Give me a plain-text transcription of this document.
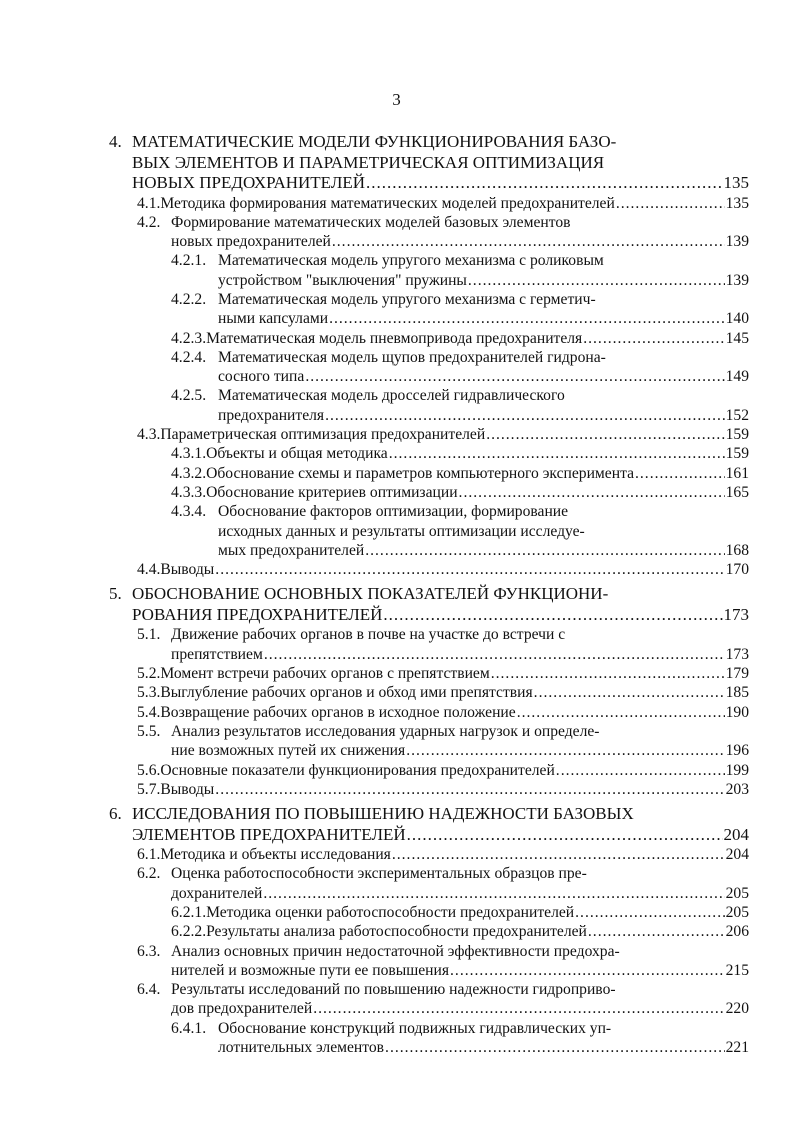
3
4. МАТЕМАТИЧЕСКИЕ МОДЕЛИ ФУНКЦИОНИРОВАНИЯ БАЗО-
ВЫХ ЭЛЕМЕНТОВ И ПАРАМЕТРИЧЕСКАЯ ОПТИМИЗАЦИЯ
НОВЫХ ПРЕДОХРАНИТЕЛЕЙ .....	135
4.1. Методика формирования математических моделей предохранителей .....	135
4.2. Формирование математических моделей базовых элементов
новых предохранителей .....	139
4.2.1. Математическая модель упругого механизма с роликовым
устройством "выключения" пружины .....	139
4.2.2. Математическая модель упругого механизма с герметич-
ными капсулами .....	140
4.2.3. Математическая модель пневмопривода предохранителя .....	145
4.2.4. Математическая модель щупов предохранителей гидрона-
сосного типа .....	149
4.2.5. Математическая модель дросселей гидравлического
предохранителя .....	152
4.3. Параметрическая оптимизация предохранителей .....	159
4.3.1. Объекты и общая методика .....	159
4.3.2. Обоснование схемы и параметров компьютерного эксперимента .....	161
4.3.3. Обоснование критериев оптимизации .....	165
4.3.4. Обоснование факторов оптимизации, формирование
исходных данных и результаты оптимизации исследуе-
мых предохранителей .....	168
4.4. Выводы .....	170
5. ОБОСНОВАНИЕ ОСНОВНЫХ ПОКАЗАТЕЛЕЙ ФУНКЦИОНИ-
РОВАНИЯ ПРЕДОХРАНИТЕЛЕЙ .....	173
5.1. Движение рабочих органов в почве на участке до встречи с
препятствием .....	173
5.2. Момент встречи рабочих органов с препятствием .....	179
5.3. Выглубление рабочих органов и обход ими препятствия .....	185
5.4. Возвращение рабочих органов в исходное положение .....	190
5.5. Анализ результатов исследования ударных нагрузок и определе-
ние возможных путей их снижения .....	196
5.6. Основные показатели функционирования предохранителей .....	199
5.7. Выводы .....	203
6. ИССЛЕДОВАНИЯ ПО ПОВЫШЕНИЮ НАДЕЖНОСТИ БАЗОВЫХ
ЭЛЕМЕНТОВ ПРЕДОХРАНИТЕЛЕЙ .....	204
6.1. Методика и объекты исследования .....	204
6.2. Оценка работоспособности экспериментальных образцов пре-
дохранителей .....	205
6.2.1. Методика оценки работоспособности предохранителей .....	205
6.2.2. Результаты анализа работоспособности предохранителей .....	206
6.3. Анализ основных причин недостаточной эффективности предохра-
нителей и возможные пути ее повышения .....	215
6.4. Результаты исследований по повышению надежности гидроприво-
дов предохранителей .....	220
6.4.1. Обоснование конструкций подвижных гидравлических уп-
лотнительных элементов .....	221
